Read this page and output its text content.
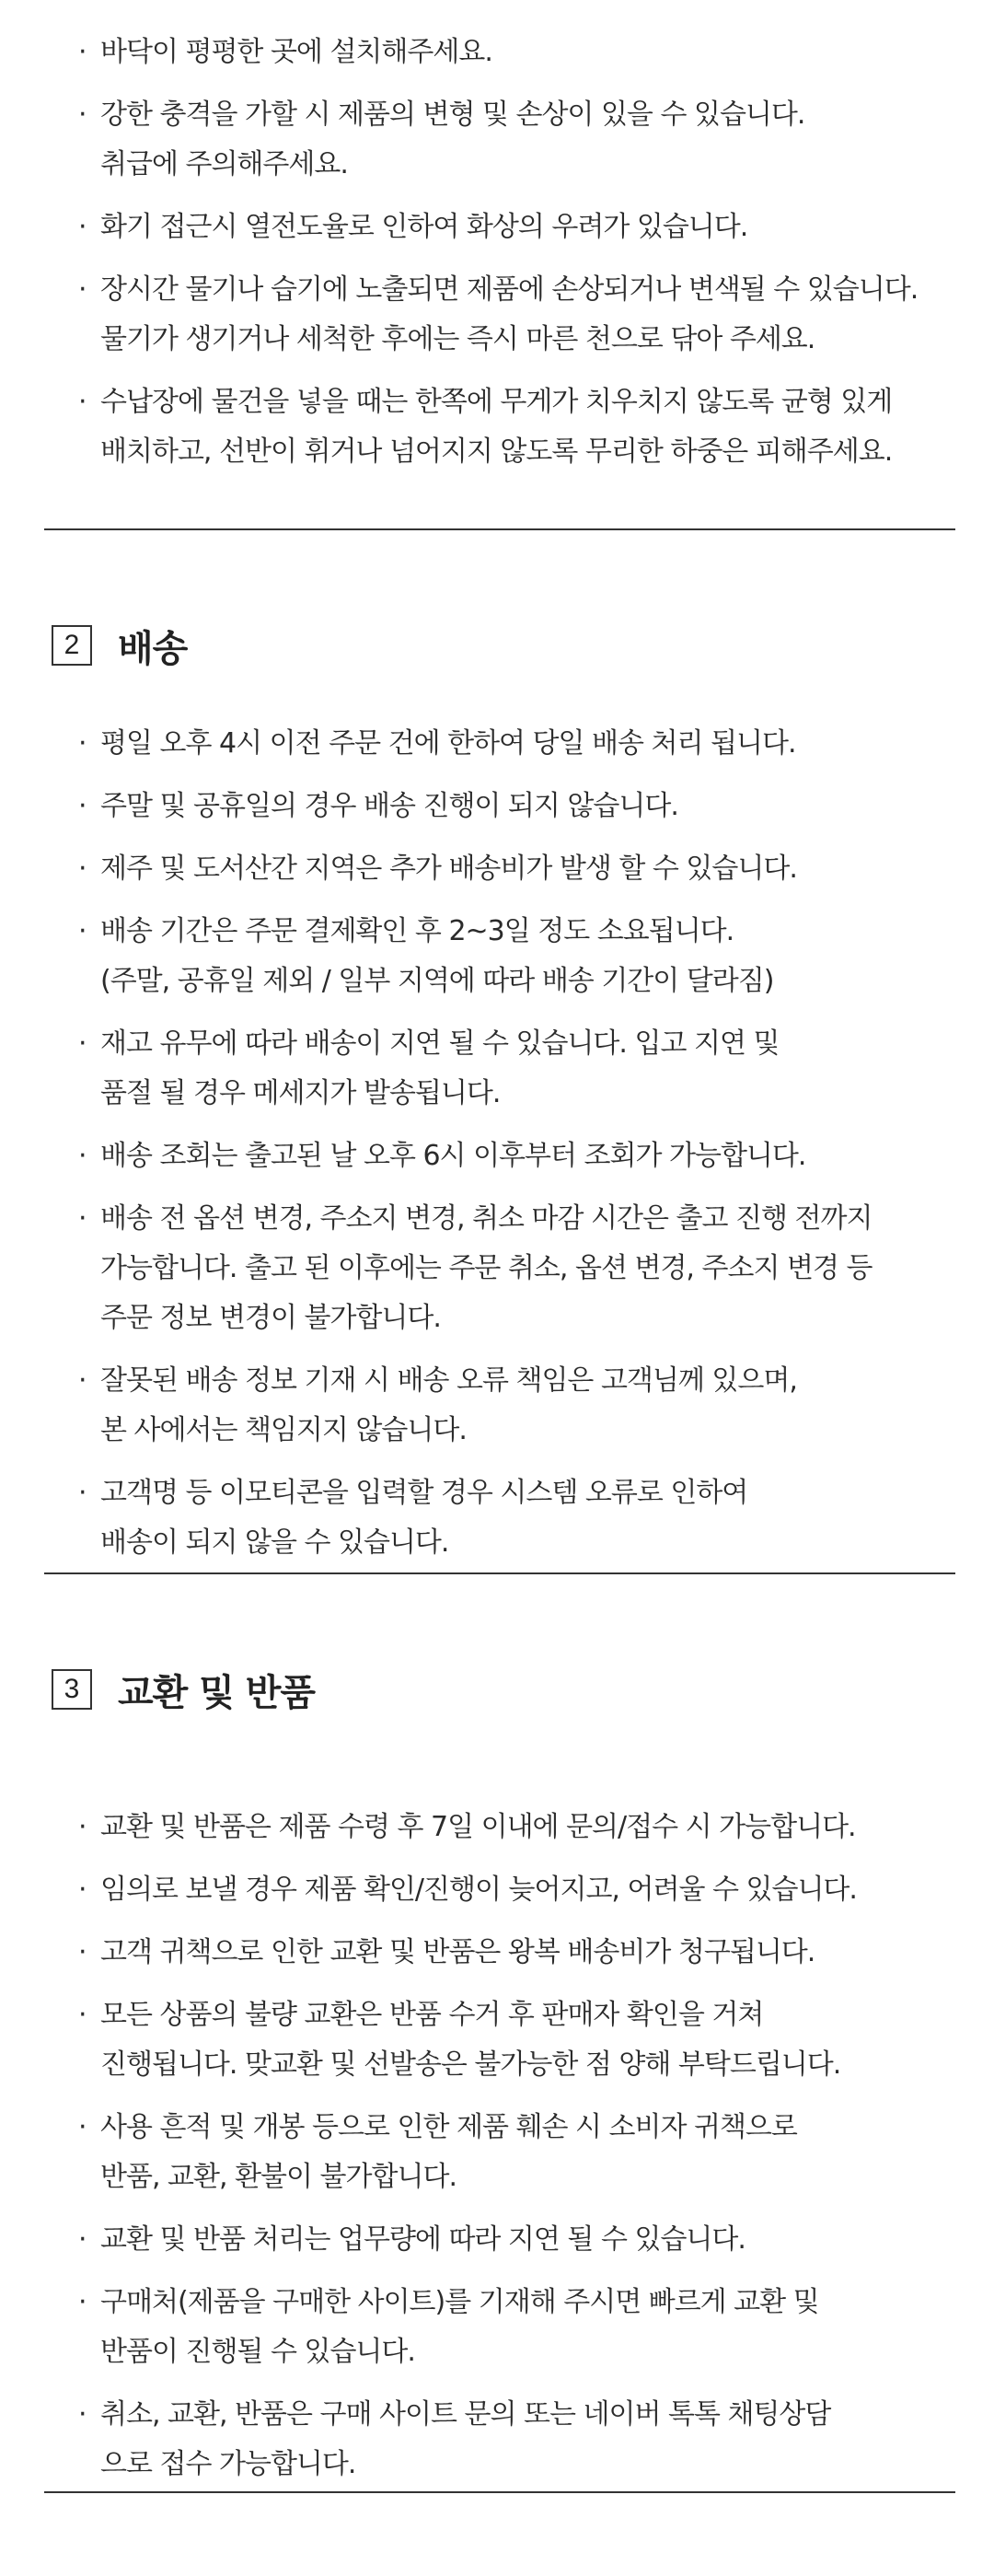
· 바닥이 평평한 곳에 설치해주세요.
· 강한 충격을 가할 시 제품의 변형 및 손상이 있을 수 있습니다.
취급에 주의해주세요.
· 화기 접근시 열전도율로 인하여 화상의 우려가 있습니다.
· 장시간 물기나 습기에 노출되면 제품에 손상되거나 변색될 수 있습니다.
물기가 생기거나 세척한 후에는 즉시 마른 천으로 닦아 주세요.
· 수납장에 물건을 넣을 때는 한쪽에 무게가 치우치지 않도록 균형 있게
배치하고, 선반이 휘거나 넘어지지 않도록 무리한 하중은 피해주세요.
2	배송
· 평일 오후 4시 이전 주문 건에 한하여 당일 배송 처리 됩니다.
· 주말 및 공휴일의 경우 배송 진행이 되지 않습니다.
· 제주 및 도서산간 지역은 추가 배송비가 발생 할 수 있습니다.
· 배송 기간은 주문 결제확인 후 2~3일 정도 소요됩니다.
(주말, 공휴일 제외 / 일부 지역에 따라 배송 기간이 달라짐)
· 재고 유무에 따라 배송이 지연 될 수 있습니다. 입고 지연 및
품절 될 경우 메세지가 발송됩니다.
· 배송 조회는 출고된 날 오후 6시 이후부터 조회가 가능합니다.
· 배송 전 옵션 변경, 주소지 변경, 취소 마감 시간은 출고 진행 전까지
가능합니다. 출고 된 이후에는 주문 취소, 옵션 변경, 주소지 변경 등
주문 정보 변경이 불가합니다.
· 잘못된 배송 정보 기재 시 배송 오류 책임은 고객님께 있으며,
본 사에서는 책임지지 않습니다.
· 고객명 등 이모티콘을 입력할 경우 시스템 오류로 인하여
배송이 되지 않을 수 있습니다.
3	교환 및 반품
· 교환 및 반품은 제품 수령 후 7일 이내에 문의/접수 시 가능합니다.
· 임의로 보낼 경우 제품 확인/진행이 늦어지고, 어려울 수 있습니다.
· 고객 귀책으로 인한 교환 및 반품은 왕복 배송비가 청구됩니다.
· 모든 상품의 불량 교환은 반품 수거 후 판매자 확인을 거쳐
진행됩니다. 맞교환 및 선발송은 불가능한 점 양해 부탁드립니다.
· 사용 흔적 및 개봉 등으로 인한 제품 훼손 시 소비자 귀책으로
반품, 교환, 환불이 불가합니다.
· 교환 및 반품 처리는 업무량에 따라 지연 될 수 있습니다.
· 구매처(제품을 구매한 사이트)를 기재해 주시면 빠르게 교환 및
반품이 진행될 수 있습니다.
· 취소, 교환, 반품은 구매 사이트 문의 또는 네이버 톡톡 채팅상담
으로 접수 가능합니다.
